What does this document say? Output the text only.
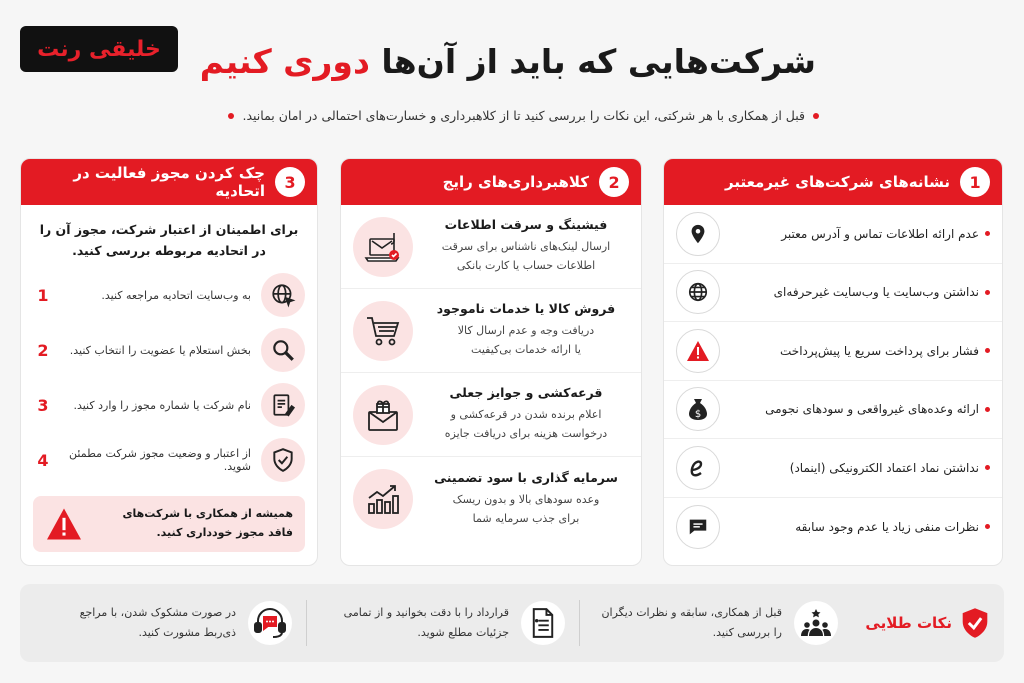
خلیقی رنت	شرکت‌هایی که باید از آن‌ها دوری کنیم
قبل از همکاری با هر شرکتی، این نکات را بررسی کنید تا از کلاهبرداری و خسارت‌های احتمالی در امان بمانید.
1
نشانه‌های شرکت‌های غیرمعتبر
عدم ارائه اطلاعات تماس و آدرس معتبر
نداشتن وب‌سایت یا وب‌سایت غیرحرفه‌ای
فشار برای پرداخت سریع یا پیش‌پرداخت
ارائه وعده‌های غیرواقعی و سودهای نجومی
$
نداشتن نماد اعتماد الکترونیکی (اینماد)
نظرات منفی زیاد یا عدم وجود سابقه
2
کلاهبرداری‌های رایج
فیشینگ و سرقت اطلاعات
ارسال لینک‌های ناشناس برای سرقت
اطلاعات حساب یا کارت بانکی
فروش کالا یا خدمات ناموجود
دریافت وجه و عدم ارسال کالا
یا ارائه خدمات بی‌کیفیت
قرعه‌کشی و جوایز جعلی
اعلام برنده شدن در قرعه‌کشی و
درخواست هزینه برای دریافت جایزه
سرمایه گذاری با سود تضمینی
وعده سودهای بالا و بدون ریسک
برای جذب سرمایه شما
3
چک کردن مجوز فعالیت در اتحادیه
برای اطمینان از اعتبار شرکت، مجوز آن را در اتحادیه مربوطه بررسی کنید.
به وب‌سایت اتحادیه مراجعه کنید.
1
بخش استعلام یا عضویت را انتخاب کنید.
2
نام شرکت یا شماره مجوز را وارد کنید.
3
از اعتبار و وضعیت مجوز شرکت مطمئن شوید.
4
همیشه از همکاری با شرکت‌های فاقد مجوز خودداری کنید.
نکات طلایی
قبل از همکاری، سابقه و نظرات دیگران را بررسی کنید.
قرارداد را با دقت بخوانید و از تمامی جزئیات مطلع شوید.
در صورت مشکوک شدن، با مراجع ذی‌ربط مشورت کنید.
